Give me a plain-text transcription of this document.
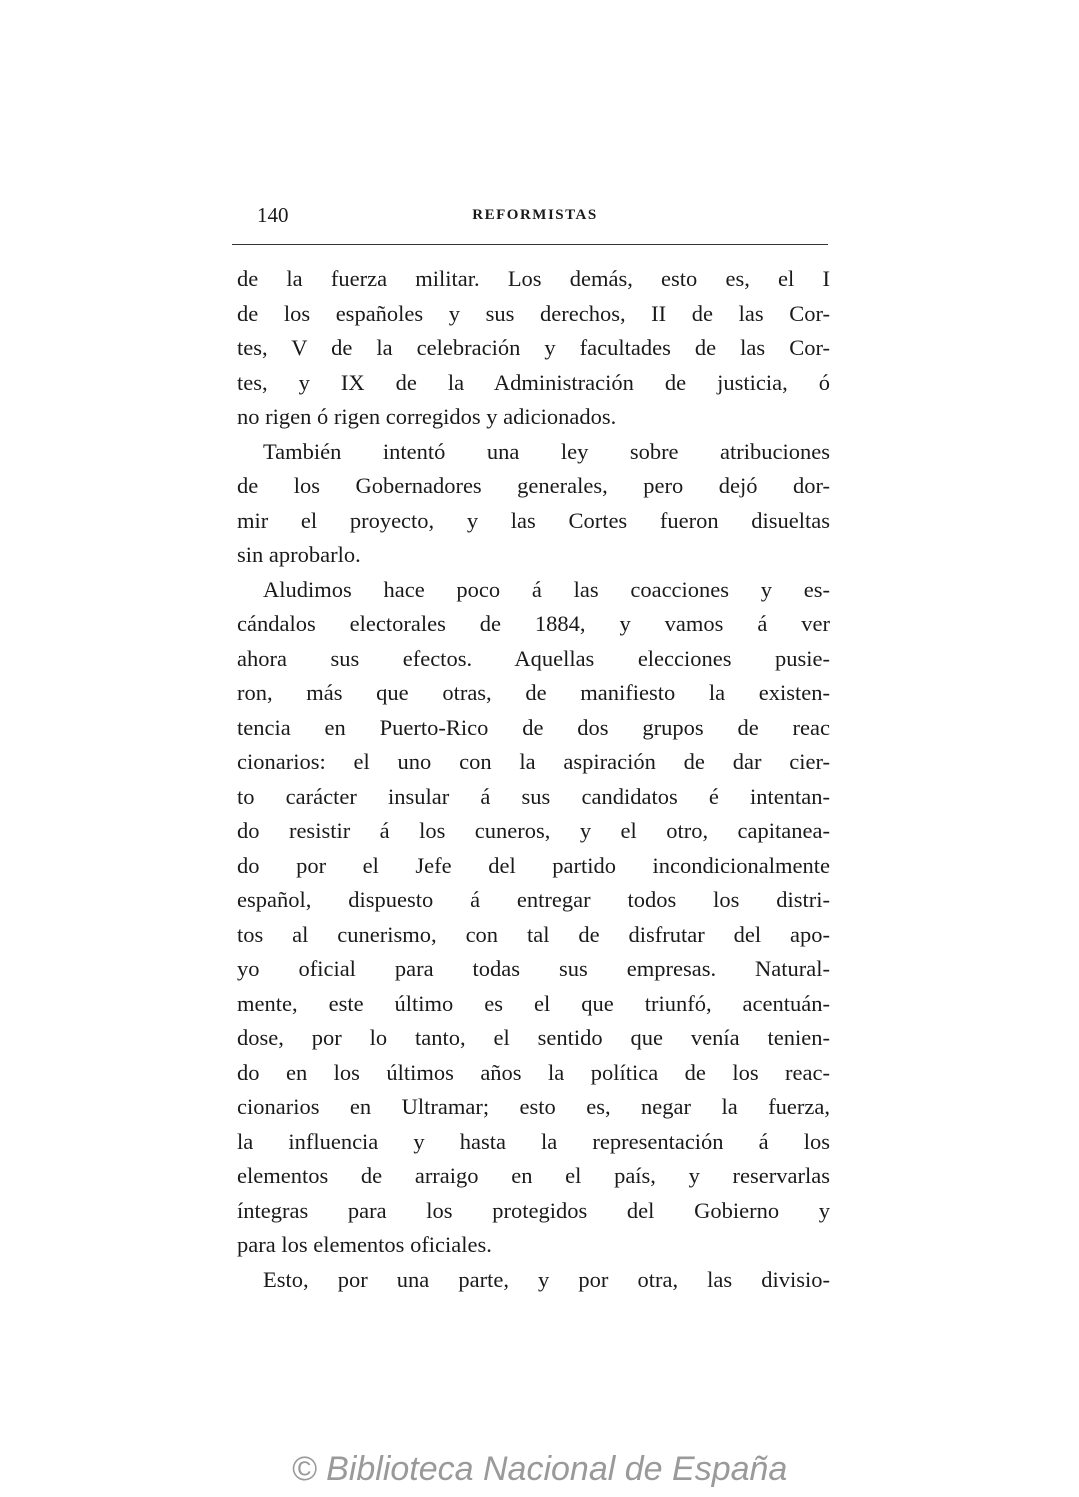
140	REFORMISTAS
de la fuerza militar. Los demás, esto es, el I
de los españoles y sus derechos, II de las Cor-
tes, V de la celebración y facultades de las Cor-
tes, y IX de la Administración de justicia, ó
no rigen ó rigen corregidos y adicionados.
También intentó una ley sobre atribuciones
de los Gobernadores generales, pero dejó dor-
mir el proyecto, y las Cortes fueron disueltas
sin aprobarlo.
Aludimos hace poco á las coacciones y es-
cándalos electorales de 1884, y vamos á ver
ahora sus efectos. Aquellas elecciones pusie-
ron, más que otras, de manifiesto la existen-
tencia en Puerto-Rico de dos grupos de reac
cionarios: el uno con la aspiración de dar cier-
to carácter insular á sus candidatos é intentan-
do resistir á los cuneros, y el otro, capitanea-
do por el Jefe del partido incondicionalmente
español, dispuesto á entregar todos los distri-
tos al cunerismo, con tal de disfrutar del apo-
yo oficial para todas sus empresas. Natural-
mente, este último es el que triunfó, acentuán-
dose, por lo tanto, el sentido que venía tenien-
do en los últimos años la política de los reac-
cionarios en Ultramar; esto es, negar la fuerza,
la influencia y hasta la representación á los
elementos de arraigo en el país, y reservarlas
íntegras para los protegidos del Gobierno y
para los elementos oficiales.
Esto, por una parte, y por otra, las divisio-
© Biblioteca Nacional de España
